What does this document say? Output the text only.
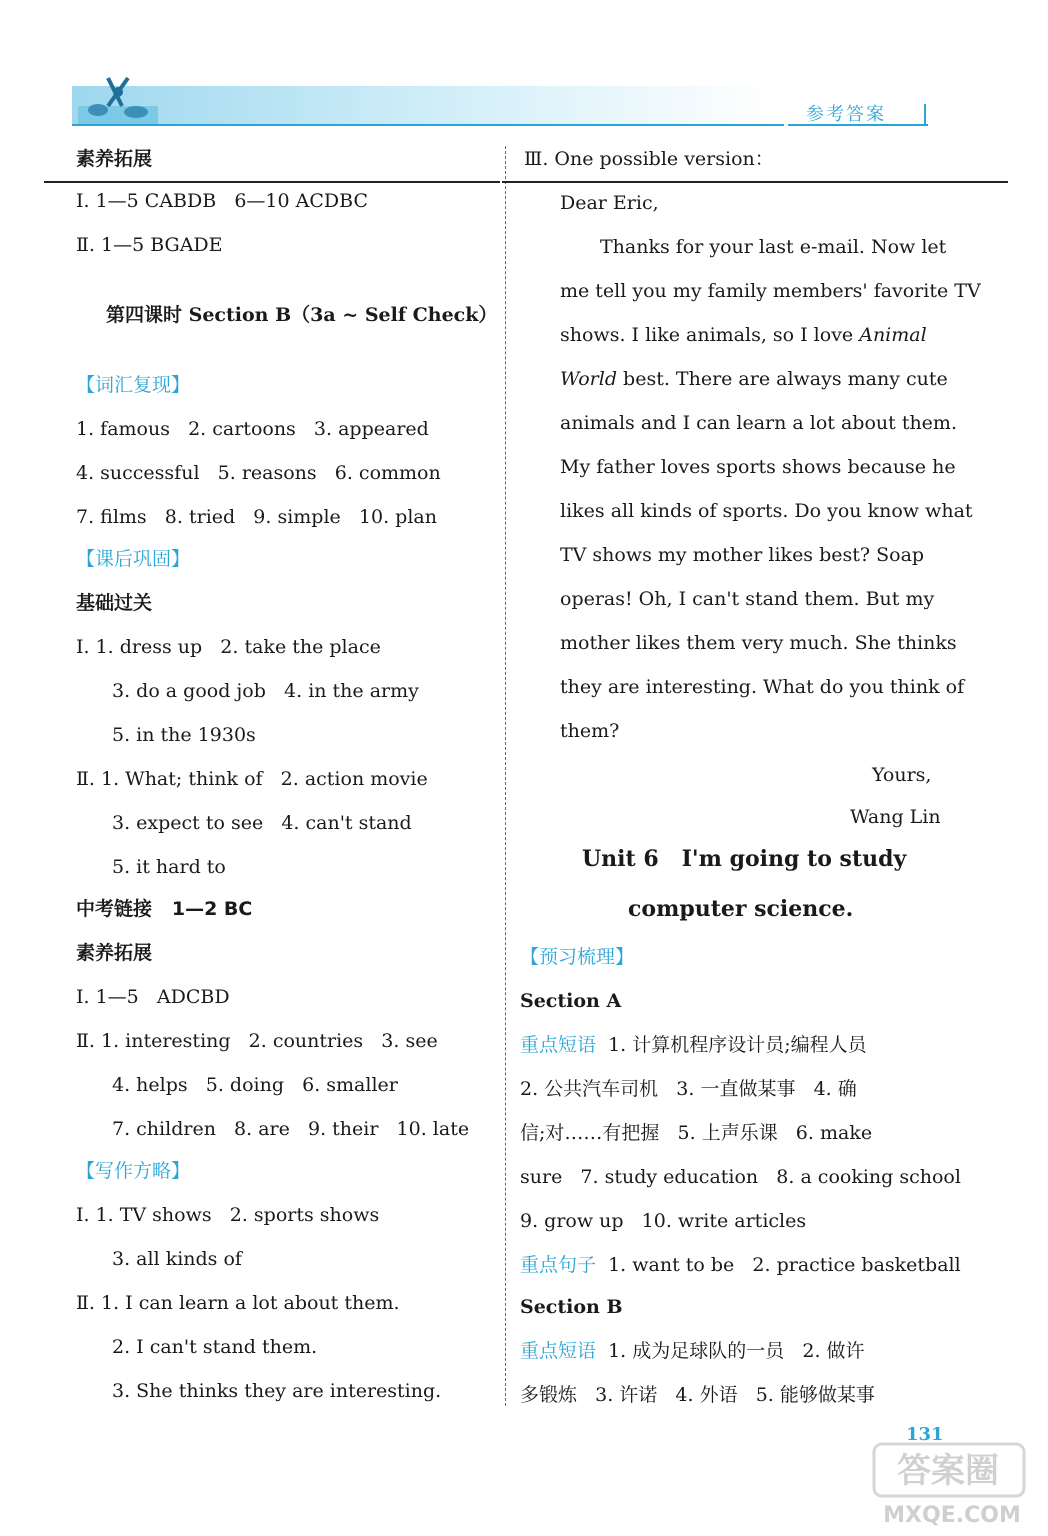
参考答案
素养拓展
Ⅰ. 1—5 CABDB   6—10 ACDBC
Ⅱ. 1—5 BGADE
第四课时 Section B（3a ~ Self Check）
【词汇复现】
1. famous   2. cartoons   3. appeared
4. successful   5. reasons   6. common
7. films   8. tried   9. simple   10. plan
【课后巩固】
基础过关
Ⅰ. 1. dress up   2. take the place
3. do a good job   4. in the army
5. in the 1930s
Ⅱ. 1. What; think of   2. action movie
3. expect to see   4. can't stand
5. it hard to
中考链接   1—2 BC
素养拓展
Ⅰ. 1—5   ADCBD
Ⅱ. 1. interesting   2. countries   3. see
4. helps   5. doing   6. smaller
7. children   8. are   9. their   10. late
【写作方略】
Ⅰ. 1. TV shows   2. sports shows
3. all kinds of
Ⅱ. 1. I can learn a lot about them.
2. I can't stand them.
3. She thinks they are interesting.
Ⅲ. One possible version：
Dear Eric,
Thanks for your last e-mail. Now let
me tell you my family members' favorite TV
shows. I like animals, so I love Animal
World best. There are always many cute
animals and I can learn a lot about them.
My father loves sports shows because he
likes all kinds of sports. Do you know what
TV shows my mother likes best? Soap
operas! Oh, I can't stand them. But my
mother likes them very much. She thinks
they are interesting. What do you think of
them?
Yours,
Wang Lin
Unit 6   I'm going to study
computer science.
【预习梳理】
Section A
重点短语  1. 计算机程序设计员;编程人员
2. 公共汽车司机   3. 一直做某事   4. 确
信;对……有把握   5. 上声乐课   6. make
sure   7. study education   8. a cooking school
9. grow up   10. write articles
重点句子  1. want to be   2. practice basketball
Section B
重点短语  1. 成为足球队的一员   2. 做许
多锻炼   3. 许诺   4. 外语   5. 能够做某事
131
答案圈
MXQE.COM
